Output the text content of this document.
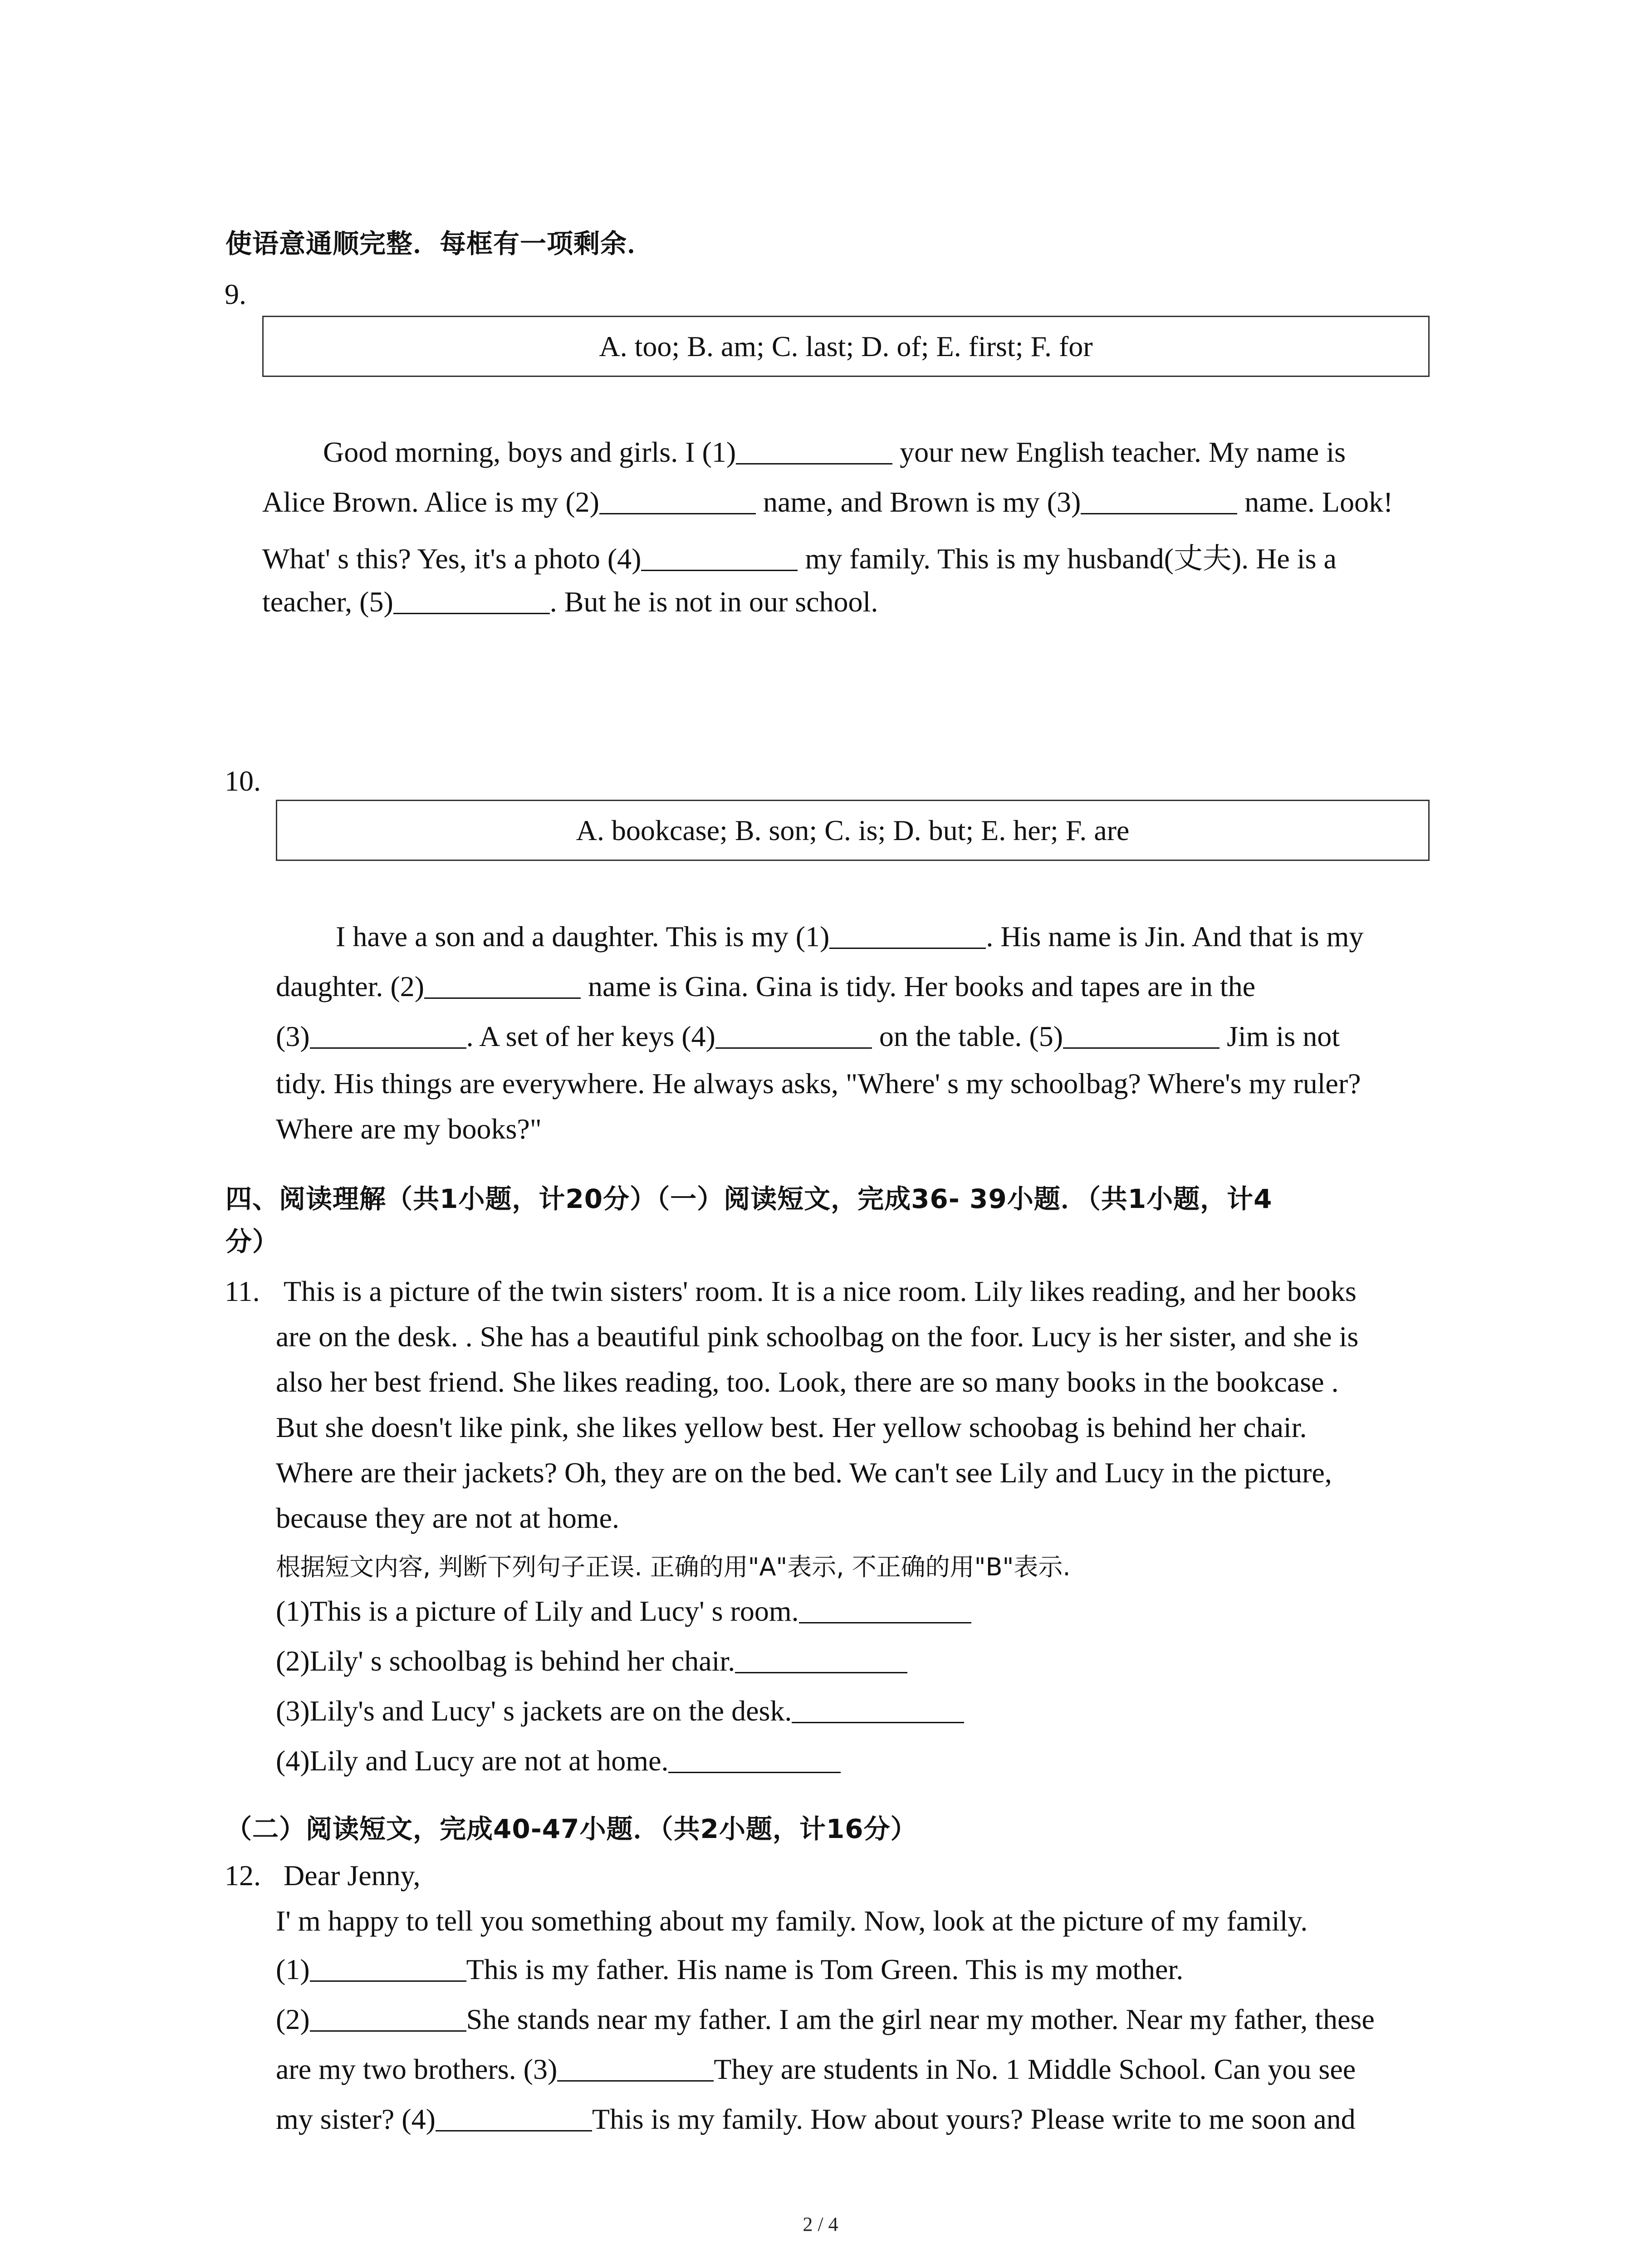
使语意通顺完整．每框有一项剩余．
9.
A. too; B. am; C. last; D. of; E. first; F. for
Good morning, boys and girls. I (1)	your new English teacher. My name is
Alice Brown. Alice is my (2)	name, and Brown is my (3)	name. Look!
What' s this? Yes, it's a photo (4)	my family. This is my husband(丈夫). He is a
teacher, (5)	. But he is not in our school.
10.
A. bookcase; B. son; C. is; D. but; E. her; F. are
I have a son and a daughter. This is my (1)	. His name is Jin. And that is my
daughter. (2)	name is Gina. Gina is tidy. Her books and tapes are in the
(3)	. A set of her keys (4)	on the table. (5)	Jim is not
tidy. His things are everywhere. He always asks, "Where' s my schoolbag? Where's my ruler?
Where are my books?"
四、阅读理解（共1小题，计20分）（一）阅读短文，完成36- 39小题．（共1小题，计4
分）
11. This is a picture of the twin sisters' room. It is a nice room. Lily likes reading, and her books
are on the desk. . She has a beautiful pink schoolbag on the foor. Lucy is her sister, and she is
also her best friend. She likes reading, too. Look, there are so many books in the bookcase .
But she doesn't like pink, she likes yellow best. Her yellow schoobag is behind her chair.
Where are their jackets? Oh, they are on the bed. We can't see Lily and Lucy in the picture,
because they are not at home.
根据短文内容, 判断下列句子正误. 正确的用"A"表示, 不正确的用"B"表示.
(1)This is a picture of Lily and Lucy' s room.
(2)Lily' s schoolbag is behind her chair.
(3)Lily's and Lucy' s jackets are on the desk.
(4)Lily and Lucy are not at home.
（二）阅读短文，完成40-47小题．（共2小题，计16分）
12. Dear Jenny,
I' m happy to tell you something about my family. Now, look at the picture of my family.
(1)	This is my father. His name is Tom Green. This is my mother.
(2)	She stands near my father. I am the girl near my mother. Near my father, these
are my two brothers. (3)	They are students in No. 1 Middle School. Can you see
my sister? (4)	This is my family. How about yours? Please write to me soon and
2 / 4
